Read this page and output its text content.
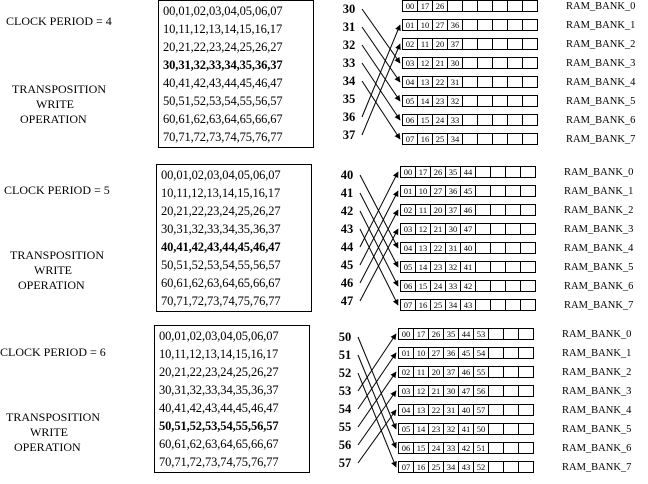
CLOCK PERIOD = 4
TRANSPOSITION
WRITE
OPERATION
00,01,02,03,04,05,06,07
10,11,12,13,14,15,16,17
20,21,22,23,24,25,26,27
30,31,32,33,34,35,36,37
40,41,42,43,44,45,46,47
50,51,52,53,54,55,56,57
60,61,62,63,64,65,66,67
70,71,72,73,74,75,76,77
30
31
32
33
34
35
36
37
00 17 26	RAM_BANK_0
01 10 27 36	RAM_BANK_1
02 11 20 37	RAM_BANK_2
03 12 21 30	RAM_BANK_3
04 13 22 31	RAM_BANK_4
05 14 23 32	RAM_BANK_5
06 15 24 33	RAM_BANK_6
07 16 25 34	RAM_BANK_7
CLOCK PERIOD = 5
TRANSPOSITION
WRITE
OPERATION
00,01,02,03,04,05,06,07
10,11,12,13,14,15,16,17
20,21,22,23,24,25,26,27
30,31,32,33,34,35,36,37
40,41,42,43,44,45,46,47
50,51,52,53,54,55,56,57
60,61,62,63,64,65,66,67
70,71,72,73,74,75,76,77
40
41
42
43
44
45
46
47
00 17 26 35 44	RAM_BANK_0
01 10 27 36 45	RAM_BANK_1
02 11 20 37 46	RAM_BANK_2
03 12 21 30 47	RAM_BANK_3
04 13 22 31 40	RAM_BANK_4
05 14 23 32 41	RAM_BANK_5
06 15 24 33 42	RAM_BANK_6
07 16 25 34 43	RAM_BANK_7
CLOCK PERIOD = 6
TRANSPOSITION
WRITE
OPERATION
00,01,02,03,04,05,06,07
10,11,12,13,14,15,16,17
20,21,22,23,24,25,26,27
30,31,32,33,34,35,36,37
40,41,42,43,44,45,46,47
50,51,52,53,54,55,56,57
60,61,62,63,64,65,66,67
70,71,72,73,74,75,76,77
50
51
52
53
54
55
56
57
00 17 26 35 44 53	RAM_BANK_0
01 10 27 36 45 54	RAM_BANK_1
02 11 20 37 46 55	RAM_BANK_2
03 12 21 30 47 56	RAM_BANK_3
04 13 22 31 40 57	RAM_BANK_4
05 14 23 32 41 50	RAM_BANK_5
06 15 24 33 42 51	RAM_BANK_6
07 16 25 34 43 52	RAM_BANK_7
